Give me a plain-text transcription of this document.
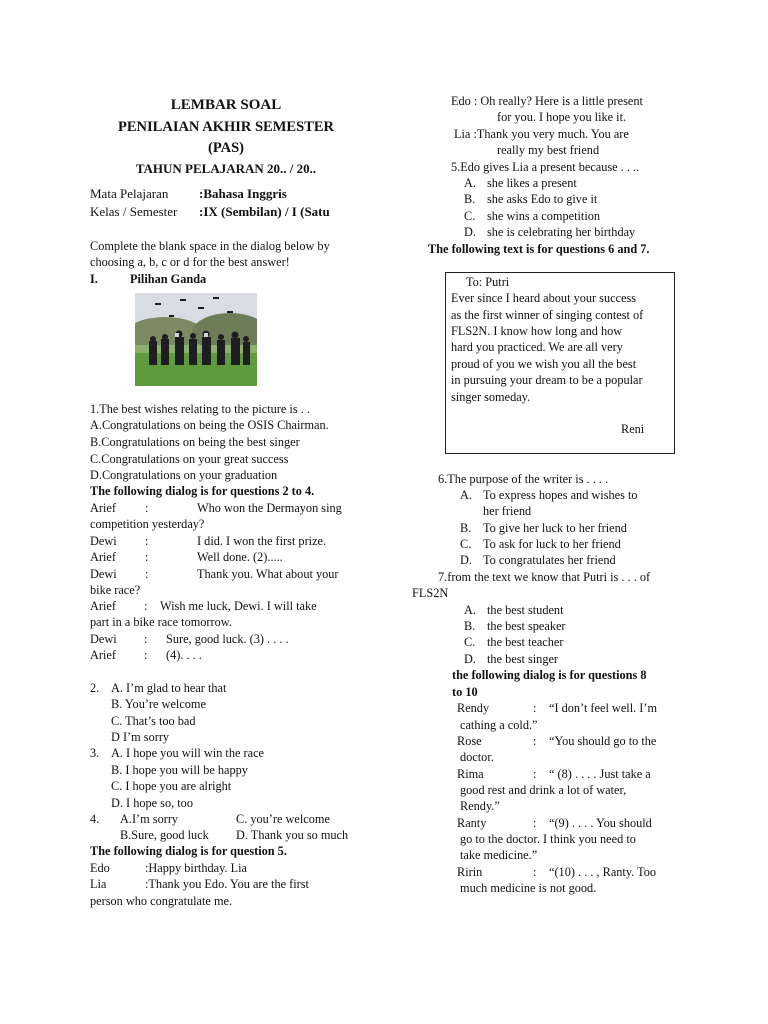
LEMBAR SOAL
PENILAIAN AKHIR SEMESTER
(PAS)
TAHUN PELAJARAN 20.. / 20..
Mata Pelajaran :Bahasa Inggris
Kelas / Semester :IX (Sembilan) / I (Satu
Complete the blank space in the dialog below by
choosing a, b, c or d for the best answer!
I.	Pilihan Ganda
1.The best wishes relating to the picture is . .
A.Congratulations on being the OSIS Chairman.
B.Congratulations on being the best singer
C.Congratulations on your great success
D.Congratulations on your graduation
The following dialog is for questions 2 to 4.
Arief :	Who won the Dermayon sing
competition yesterday?
Dewi :	I did. I won the first prize.
Arief :	Well done. (2).....
Dewi :	Thank you. What about your
bike race?
Arief : Wish me luck, Dewi. I will take
part in a bike race tomorrow.
Dewi : Sure, good luck. (3) . . . .
Arief : (4). . . .
2. A. I’m glad to hear that
B. You’re welcome
C. That’s too bad
D I’m sorry
3. A. I hope you will win the race
B. I hope you will be happy
C. I hope you are alright
D. I hope so, too
4. A.I’m sorry	C. you’re welcome
B.Sure, good luck D. Thank you so much
The following dialog is for question 5.
Edo	:Happy birthday. Lia
Lia	:Thank you Edo. You are the first
person who congratulate me.
Edo : Oh really? Here is a little present
for you. I hope you like it.
Lia :Thank you very much. You are
really my best friend
5.Edo gives Lia a present because . . ..
A. she likes a present
B. she asks Edo to give it
C. she wins a competition
D. she is celebrating her birthday
The following text is for questions 6 and 7.
To: Putri
Ever since I heard about your success
as the first winner of singing contest of
FLS2N. I know how long and how
hard you practiced. We are all very
proud of you we wish you all the best
in pursuing your dream to be a popular
singer someday.
Reni
6.The purpose of the writer is . . . .
A. To express hopes and wishes to
her friend
B. To give her luck to her friend
C. To ask for luck to her friend
D. To congratulates her friend
7.from the text we know that Putri is . . . of
FLS2N
A. the best student
B. the best speaker
C. the best teacher
D. the best singer
the following dialog is for questions 8
to 10
Rendy	: “I don’t feel well. I’m
cathing a cold.”
Rose	: “You should go to the
doctor.
Rima	: “ (8) . . . . Just take a
good rest and drink a lot of water,
Rendy.”
Ranty	: “(9) . . . . You should
go to the doctor. I think you need to
take medicine.”
Ririn	: “(10) . . . , Ranty. Too
much medicine is not good.
